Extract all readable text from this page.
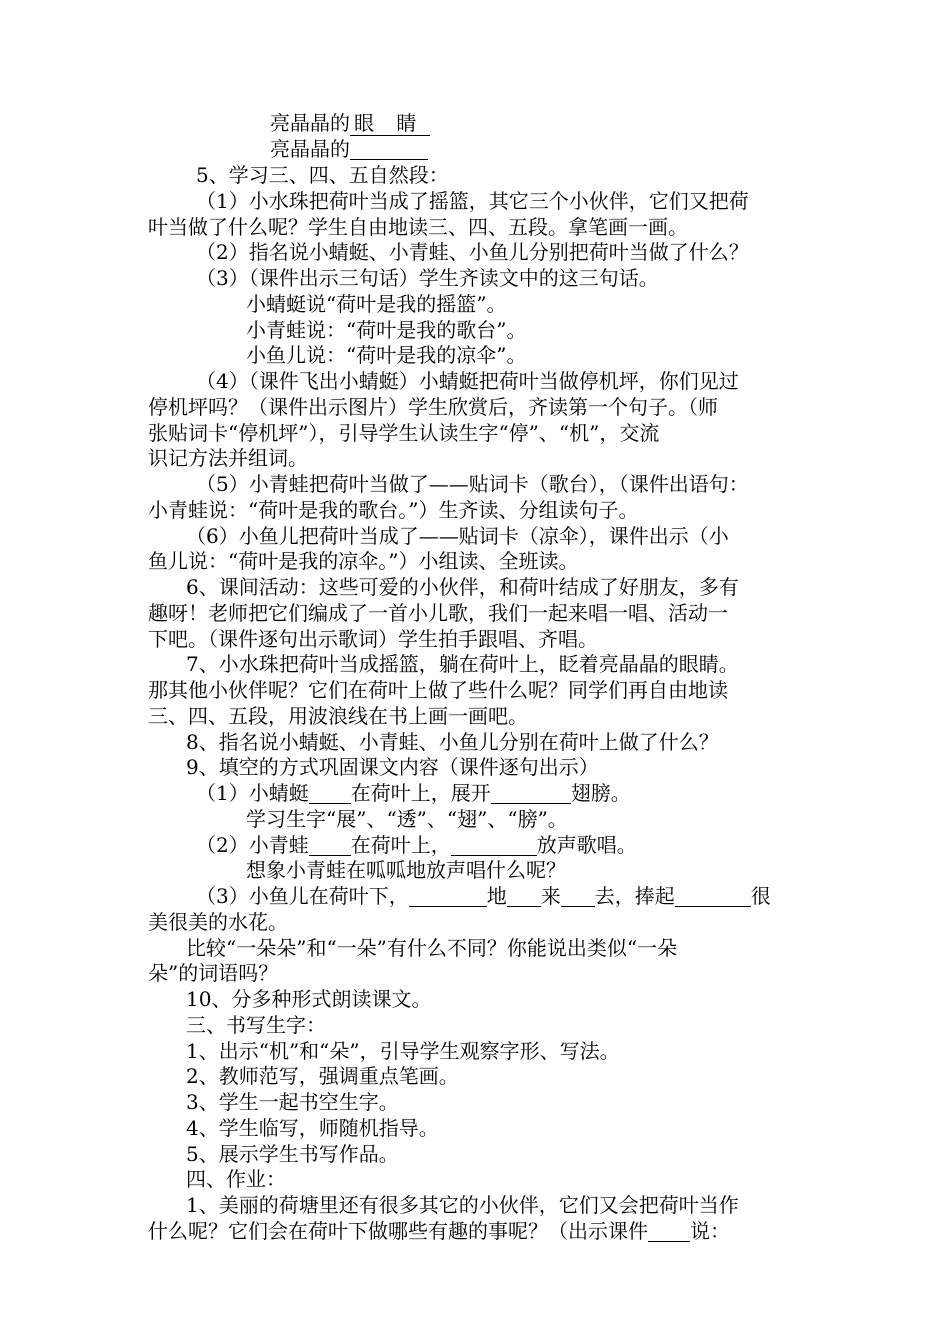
亮晶晶的 眼 睛
亮晶晶的
5、学习三、四、五自然段：
（1）小水珠把荷叶当成了摇篮，其它三个小伙伴，它们又把荷
叶当做了什么呢？学生自由地读三、四、五段。拿笔画一画。
（2）指名说小蜻蜓、小青蛙、小鱼儿分别把荷叶当做了什么？
（3）（课件出示三句话）学生齐读文中的这三句话。
小蜻蜓说“荷叶是我的摇篮”。
小青蛙说：“荷叶是我的歌台”。
小鱼儿说：“荷叶是我的凉伞”。
（4）（课件飞出小蜻蜓）小蜻蜓把荷叶当做停机坪，你们见过
停机坪吗？（课件出示图片）学生欣赏后，齐读第一个句子。（师
张贴词卡“停机坪”），引导学生认读生字“停”、“机”，交流
识记方法并组词。
（5）小青蛙把荷叶当做了——贴词卡（歌台），（课件出语句：
小青蛙说：“荷叶是我的歌台。”）生齐读、分组读句子。
（6）小鱼儿把荷叶当成了——贴词卡（凉伞），课件出示（小
鱼儿说：“荷叶是我的凉伞。”）小组读、全班读。
6、课间活动：这些可爱的小伙伴，和荷叶结成了好朋友，多有
趣呀！老师把它们编成了一首小儿歌，我们一起来唱一唱、活动一
下吧。（课件逐句出示歌词）学生拍手跟唱、齐唱。
7、小水珠把荷叶当成摇篮，躺在荷叶上，眨着亮晶晶的眼睛。
那其他小伙伴呢？它们在荷叶上做了些什么呢？同学们再自由地读
三、四、五段，用波浪线在书上画一画吧。
8、指名说小蜻蜓、小青蛙、小鱼儿分别在荷叶上做了什么？
9、填空的方式巩固课文内容（课件逐句出示）
（1）小蜻蜓 在荷叶上，展开	翅膀。
学习生字“展”、“透”、“翅”、“膀”。
（2）小青蛙 在荷叶上，	放声歌唱。
想象小青蛙在呱呱地放声唱什么呢？
（3）小鱼儿在荷叶下，	地 来 去，捧起	很
美很美的水花。
比较“一朵朵”和“一朵”有什么不同？你能说出类似“一朵
朵”的词语吗？
10、分多种形式朗读课文。
三、书写生字：
1、出示“机”和“朵”，引导学生观察字形、写法。
2、教师范写，强调重点笔画。
3、学生一起书空生字。
4、学生临写，师随机指导。
5、展示学生书写作品。
四、作业：
1、美丽的荷塘里还有很多其它的小伙伴，它们又会把荷叶当作
什么呢？它们会在荷叶下做哪些有趣的事呢？（出示课件 说：
